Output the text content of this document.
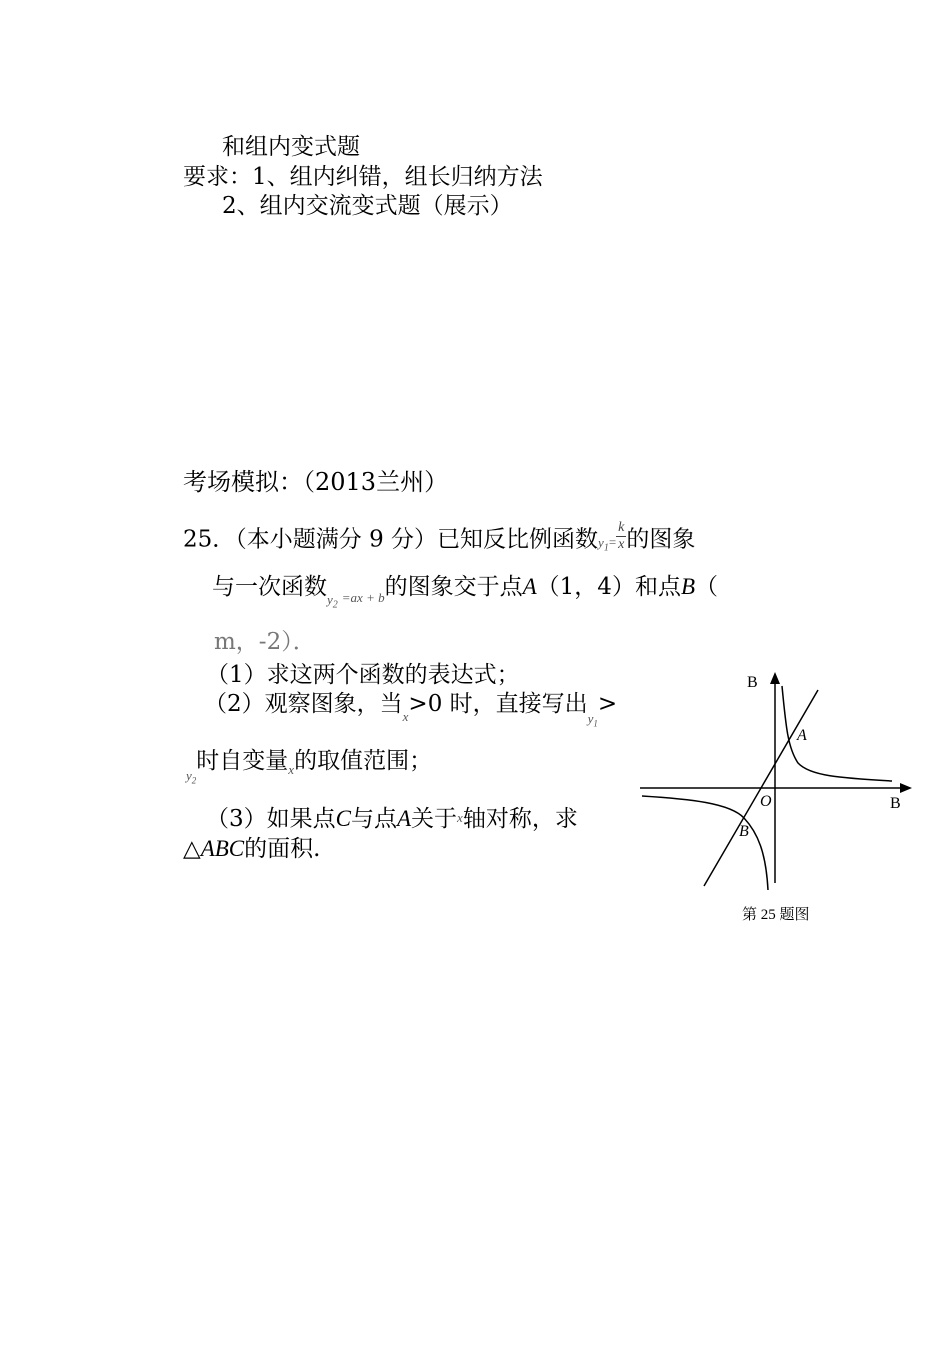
和组内变式题
要求：1、组内纠错，组长归纳方法
2、组内交流变式题（展示）
考场模拟：（2013兰州）
25．（本小题满分 9 分）已知反比例函数$y_1= \frac{k}{x}$ 的图象
与一次函数$_{y_2=ax + b}$的图象交于点A（1，4）和点B（
m，-2）．
（1）求这两个函数的表达式；
（2）观察图象，当$_x$>0 时，直接写出$_{y_1}$>
$_{y_2}$时自变量$_x$的取值范围；
（3）如果点C与点A关于x轴对称，求
△ABC的面积.
B
B
O
A
B
第 25 题图
